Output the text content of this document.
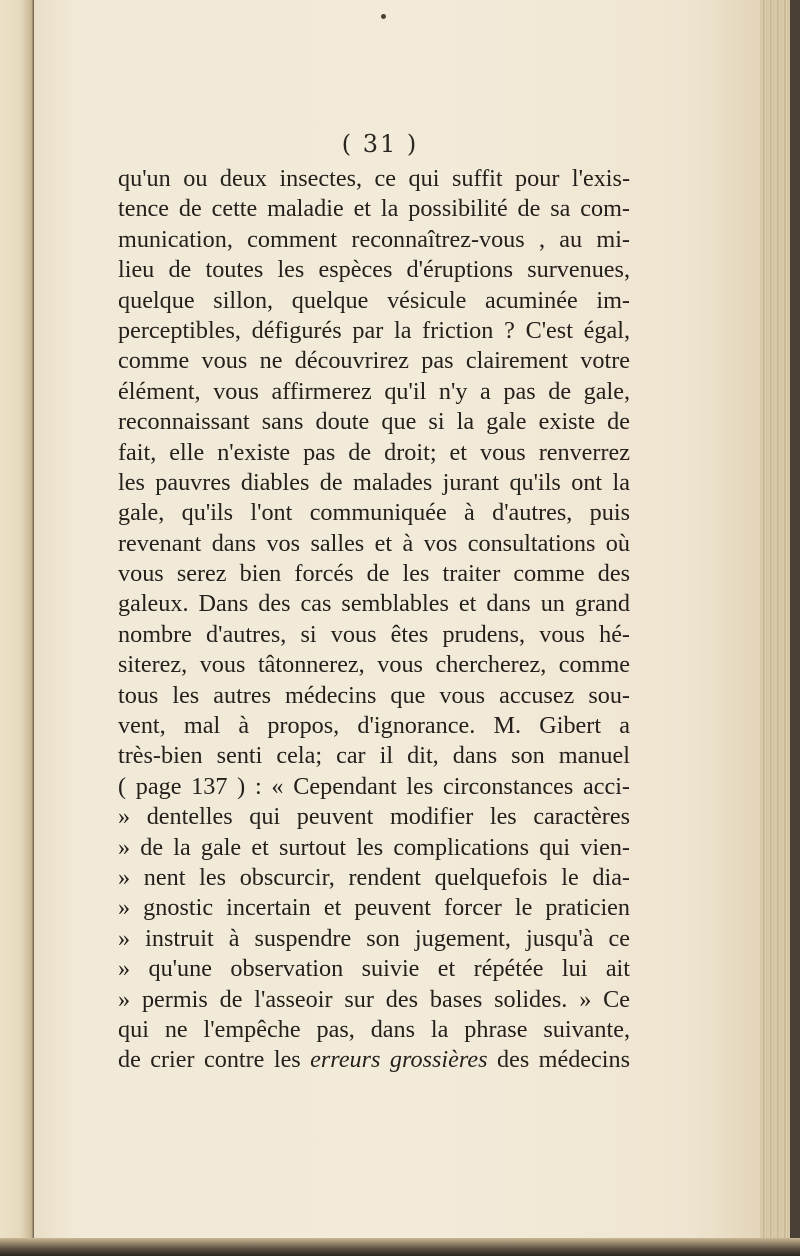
( 31 )
qu'un ou deux insectes, ce qui suffit pour l'exis-
tence de cette maladie et la possibilité de sa com-
munication, comment reconnaîtrez-vous , au mi-
lieu de toutes les espèces d'éruptions survenues,
quelque sillon, quelque vésicule acuminée im-
perceptibles, défigurés par la friction ? C'est égal,
comme vous ne découvrirez pas clairement votre
élément, vous affirmerez qu'il n'y a pas de gale,
reconnaissant sans doute que si la gale existe de
fait, elle n'existe pas de droit; et vous renverrez
les pauvres diables de malades jurant qu'ils ont la
gale, qu'ils l'ont communiquée à d'autres, puis
revenant dans vos salles et à vos consultations où
vous serez bien forcés de les traiter comme des
galeux. Dans des cas semblables et dans un grand
nombre d'autres, si vous êtes prudens, vous hé-
siterez, vous tâtonnerez, vous chercherez, comme
tous les autres médecins que vous accusez sou-
vent, mal à propos, d'ignorance. M. Gibert a
très-bien senti cela; car il dit, dans son manuel
( page 137 ) : « Cependant les circonstances acci-
» dentelles qui peuvent modifier les caractères
» de la gale et surtout les complications qui vien-
» nent les obscurcir, rendent quelquefois le dia-
» gnostic incertain et peuvent forcer le praticien
» instruit à suspendre son jugement, jusqu'à ce
» qu'une observation suivie et répétée lui ait
» permis de l'asseoir sur des bases solides. » Ce
qui ne l'empêche pas, dans la phrase suivante,
de crier contre les erreurs grossières des médecins
